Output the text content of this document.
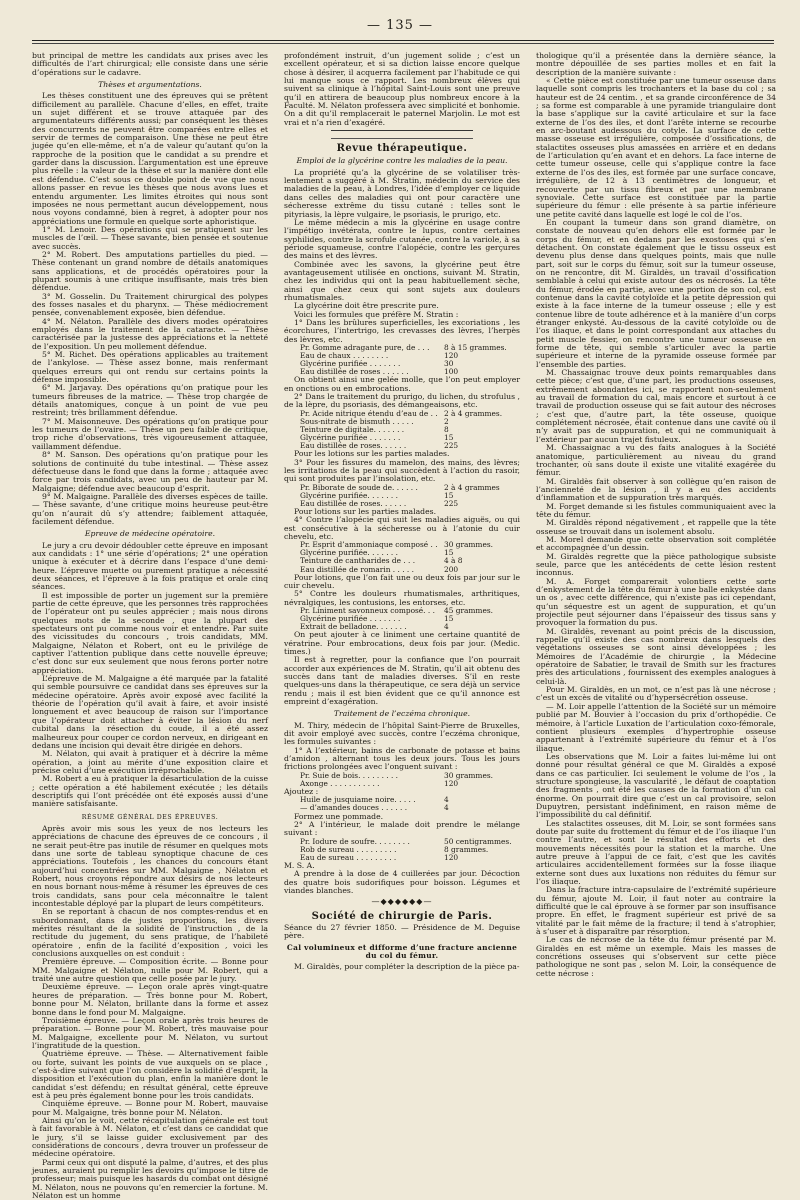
— 135 —

but principal de mettre les candidats aux prises avec les difficultés de l’art chirurgical; elle consiste dans une série d’opérations sur le cadavre.

Thèses et argumentations.

Les thèses constituent une des épreuves qui se prêtent difficilement au parallèle. Chacune d’elles, en effet, traite un sujet différent et se trouve attaquée par des argumentateurs différents aussi; par conséquent les thèses des concurrents ne peuvent être comparées entre elles et servir de termes de comparaison. Une thèse ne peut être jugée qu’en elle-même, et n’a de valeur qu’autant qu’on la rapproche de la position que le candidat a su prendre et garder dans la discussion. L’argumentation est une épreuve plus réelle : la valeur de la thèse et sur la manière dont elle est défendue. C’est sous ce double point de vue que nous allons passer en revue les thèses que nous avons lues et entendu argumenter. Les limites étroites qui nous sont imposées ne nous permettant aucun développement, nous nous voyons condamné, bien à regret, à adopter pour nos appréciations une formule en quelque sorte aphoristique.

1° M. Lenoir. Des opérations qui se pratiquent sur les muscles de l’œil. — Thèse savante, bien pensée et soutenue avec succès.

2° M. Robert. Des amputations partielles du pied. — Thèse contenant un grand nombre de détails anatomiques sans applications, et de procédés opératoires pour la plupart soumis à une critique insuffisante, mais très bien défendue.

3° M. Gosselin. Du Traitement chirurgical des polypes des fosses nasales et du pharynx. — Thèse médiocrement pensée, convenablement exposée, bien défendue.

4° M. Nélaton. Parallèle des divers modes opératoires employés dans le traitement de la cataracte. — Thèse caractérisée par la justesse des appréciations et la netteté de l’exposition. Un peu mollement défendue.

5° M. Richet. Des opérations applicables au traitement de l’ankylose. — Thèse assez bonne, mais renfermant quelques erreurs qui ont rendu sur certains points la défense impossible.

6° M. Jarjavay. Des opérations qu’on pratique pour les tumeurs fibreuses de la matrice. — Thèse trop chargée de détails anatomiques, conçue à un point de vue peu restreint; très brillamment défendue.

7° M. Maisonneuve. Des opérations qu’on pratique pour les tumeurs de l’ovaire. — Thèse un peu faible de critique, trop riche d’observations, très vigoureusement attaquée, vaillamment défendue.

8° M. Sanson. Des opérations qu’on pratique pour les solutions de continuité du tube intestinal. — Thèse assez défectueuse dans le fond que dans la forme ; attaquée avec force par trois candidats, avec un peu de hauteur par M. Malgaigne; défendue avec beaucoup d’esprit.

9° M. Malgaigne. Parallèle des diverses espèces de taille. — Thèse savante, d’une critique moins heureuse peut-être qu’on n’aurait dû s’y attendre; faiblement attaquée, facilement défendue.

Epreuve de médecine opératoire.

Le jury a cru devoir dédoubler cette épreuve en imposant aux candidats : 1° une série d’opérations; 2° une opération unique à exécuter et à décrire dans l’espace d’une demi-heure. L’épreuve muette ou purement pratique a nécessité deux séances, et l’épreuve à la fois pratique et orale cinq séances.

Il est impossible de porter un jugement sur la première partie de cette épreuve, que les personnes très rapprochées de l’opérateur ont pu seules apprécier ; mais nous dirons quelques mots de la seconde , que la plupart des spectateurs ont pu comme nous voir et entendre. Par suite des vicissitudes du concours , trois candidats, MM. Malgaigne, Nélaton et Robert, ont eu le privilége de captiver l’attention publique dans cette nouvelle épreuve; c’est donc sur eux seulement que nous ferons porter notre appréciation.

L’épreuve de M. Malgaigne a été marquée par la fatalité qui semble poursuivre ce candidat dans ses épreuves sur la médecine opératoire. Après avoir exposé avec facilité la théorie de l’opération qu’il avait à faire, et avoir insisté longuement et avec beaucoup de raison sur l’importance que l’opérateur doit attacher à éviter la lésion du nerf cubital dans la résection du coude, il a été assez malheureux pour couper ce cordon nerveux, en dirigeant en dedans une incision qui devait être dirigée en dehors.

M. Nélaton, qui avait à pratiquer et à décrire la même opération, a joint au mérite d’une exposition claire et précise celui d’une exécution irréprochable.

M. Robert a eu à pratiquer la désarticulation de la cuisse ; cette opération a été habilement exécutée ; les détails descriptifs qui l’ont précédée ont été exposés aussi d’une manière satisfaisante.

RÉSUMÉ GÉNÉRAL DES ÉPREUVES.

Après avoir mis sous les yeux de nos lecteurs les appréciations de chacune des épreuves de ce concours , il ne serait peut-être pas inutile de résumer en quelques mots dans une sorte de tableau synoptique chacune de ces appréciations. Toutefois , les chances du concours étant aujourd’hui concentrées sur MM. Malgaigne , Nélaton et Robert, nous croyons répondre aux désirs de nos lecteurs en nous bornant nous-même à résumer les épreuves de ces trois candidats, sans pour cela méconnaître le talent incontestable déployé par la plupart de leurs compétiteurs.

En se reportant à chacun de nos comptes-rendus et en subordonnant, dans de justes proportions, les divers mérites résultant de la solidité de l’instruction , de la rectitude du jugement, du sens pratique, de l’habileté opératoire , enfin de la facilité d’exposition , voici les conclusions auxquelles on est conduit :

Première épreuve. — Composition écrite. — Bonne pour MM. Malgaigne et Nélaton, nulle pour M. Robert, qui a traité une autre question que celle posée par le jury.

Deuxième épreuve. — Leçon orale après vingt-quatre heures de préparation. — Très bonne pour M. Robert, bonne pour M. Nélaton, brillante dans la forme et assez bonne dans le fond pour M. Malgaigne.

Troisième épreuve. — Leçon orale après trois heures de préparation. — Bonne pour M. Robert, très mauvaise pour M. Malgaigne, excellente pour M. Nélaton, vu surtout l’ingratitude de la question.

Quatrième épreuve. — Thèse. — Alternativement faible ou forte, suivant les points de vue auxquels on se place , c’est-à-dire suivant que l’on considère la solidité d’esprit, la disposition et l’exécution du plan, enfin la manière dont le candidat s’est défendu; en résultat général, cette épreuve est à peu près également bonne pour les trois candidats.

Cinquième épreuve. — Bonne pour M. Robert, mauvaise pour M. Malgaigne, très bonne pour M. Nélaton.

Ainsi qu’on le voit, cette récapitulation générale est tout à fait favorable à M. Nélaton, et c’est dans ce candidat que le jury, s’il se laisse guider exclusivement par des considérations de concours , devra trouver un professeur de médecine opératoire.

Parmi ceux qui ont disputé la palme, d’autres, et des plus jeunes, auraient pu remplir les devoirs qu’impose le titre de professeur; mais puisque les hasards du combat ont désigné M. Nélaton, nous ne pouvons qu’en remercier la fortune. M. Nélaton est un homme

profondément instruit, d’un jugement solide ; c’est un excellent opérateur, et si sa diction laisse encore quelque chose à désirer, il acquerra facilement par l’habitude ce qui lui manque sous ce rapport. Les nombreux élèves qui suivent sa clinique à l’hôpital Saint-Louis sont une preuve qu’il en attirera de beaucoup plus nombreux encore à la Faculté. M. Nélaton professera avec simplicité et bonhomie. On a dit qu’il remplacerait le paternel Marjolin. Le mot est vrai et n’a rien d’exagéré.

Revue thérapeutique.
Emploi de la glycérine contre les maladies de la peau.

La propriété qu’a la glycérine de se volatiliser très-lentement a suggéré à M. Stratin, médecin du service des maladies de la peau, à Londres, l’idée d’employer ce liquide dans celles des maladies qui ont pour caractère une sécheresse extrême du tissu cutané : telles sont le pityriasis, la lèpre vulgaire, le psoriasis, le prurigo, etc.

Le même médecin a mis la glycérine en usage contre l’impétigo invétérata, contre le lupus, contre certaines syphilides, contre la scrofule cutanée, contre la variole, à sa période squameuse, contre l’alopécie, contre les gerçures des mains et des lèvres.

Combinée avec les savons, la glycérine peut être avantageusement utilisée en onctions, suivant M. Stratin, chez les individus qui ont la peau habituellement sèche, ainsi que chez ceux qui sont sujets aux douleurs rhumatismales.

La glycérine doit être prescrite pure.

Voici les formules que préfère M. Stratin :

1° Dans les brûlures superficielles, les excoriations , les écorchures, l’intertrigo, les crevasses des lèvres, l’herpès des lèvres, etc.

Pr. Gomme adragante pure, de . . .	8 à 15 grammes.
Eau de chaux . . . . . . . .	120
Glycérine purifiée . . . . . . .	30
Eau distillée de roses . . . . . .	100

On obtient ainsi une gelée molle, que l’on peut employer en onctions ou en embrocations.

2° Dans le traitement du prurigo, du lichen, du strofulus , de la lèpre, du psoriasis, des démangeaisons, etc.

Pr. Acide nitrique étendu d’eau de . . 2 à 4 grammes.
Sous-nitrate de bismuth . . . . .	2
Teinture de digitale. . . . . . .	8
Glycérine purifiée . . . . . . .	15
Eau distillée de roses. . . . . .	225

Pour les lotions sur les parties malades.

3° Pour les fissures du mamelon, des mains, des lèvres; les irritations de la peau qui succèdent à l’action du rasoir, qui sont produites par l’insolation, etc.

Pr. Biborate de soude de. . . . . .	2 à 4 grammes
Glycérine purifiée. . . . . . .	15
Eau distillée de roses. . . . . .	225

Pour lotions sur les parties malades.

4° Contre l’alopécie qui suit les maladies aiguës, ou qui est consécutive à la sécheresse ou à l’atonie du cuir chevelu, etc.

Pr. Esprit d’ammoniaque composé . . 30 grammes.
Glycérine purifiée. . . . . . .	15
Teinture de cantharides de . . .	4 à 8
Eau distillée de romarin . . . . .	200

Pour lotions, que l’on fait une ou deux fois par jour sur le cuir chevelu.

5° Contre les douleurs rhumatismales, arthritiques, névralgiques, les contusions, les entorses, etc.

Pr. Liniment savonneux composé. . .	45 grammes.
Glycérine purifiée . . . . . . .	15
Extrait de belladone. . . . . . .	4

On peut ajouter à ce liniment une certaine quantité de vératrine. Pour embrocations, deux fois par jour. (Medic. times.)

Il est à regretter, pour la confiance que l’on pourrait accorder aux expériences de M. Stratin, qu’il ait obtenu des succès dans tant de maladies diverses. S’il en reste quelques-uns dans la thérapeutique, ce sera déjà un service rendu ; mais il est bien évident que ce qu’il annonce est empreint d’exagération.

Traitement de l’eczéma chronique.

M. Thiry, médecin de l’hôpital Saint-Pierre de Bruxelles, dit avoir employé avec succès, contre l’eczéma chronique, les formules suivantes :

1° A l’extérieur, bains de carbonate de potasse et bains d’amidon , alternant tous les deux jours. Tous les jours frictions prolongées avec l’onguent suivant :

Pr. Suie de bois. . . . . . . . .	30 grammes.
Axonge . . . . . . . . . . .	120

Ajoutez :

Huile de jusquiame noire. . . . .	4
— d’amandes douces . . . . . .	4

Formez une pommade.

2° A l’intérieur, le malade doit prendre le mélange suivant :

Pr. Iodure de soufre. . . . . . . .	50 centigrammes.
Rob de sureau . . . . . . . . .	8 grammes.
Eau de sureau . . . . . . . . .	120

M. S. A.

A prendre à la dose de 4 cuillerées par jour. Décoction des quatre bois sudorifiques pour boisson. Légumes et viandes blanches.

—◆◆◆◆◆◆—
Société de chirurgie de Paris.

Séance du 27 février 1850. — Présidence de M. Deguise père.

Cal volumineux et difforme d’une fracture ancienne du col du fémur.

M. Giraldès, pour compléter la description de la pièce pa-

thologique qu’il a présentée dans la dernière séance, la montre dépouillée de ses parties molles et en fait la description de la manière suivante :

« Cette pièce est constituée par une tumeur osseuse dans laquelle sont compris les trochanters et la base du col ; sa hauteur est de 24 centim. , et sa grande circonférence de 34 ; sa forme est comparable à une pyramide triangulaire dont la base s’applique sur la cavité articulaire et sur la face externe de l’os des iles, et dont l’arête interne se recourbe en arc-boutant audessous du cotyle. La surface de cette masse osseuse est irrégulière, composée d’ossifications, de stalactites osseuses plus amassées en arrière et en dedans de l’articulation qu’en avant et en dehors. La face interne de cette tumeur osseuse, celle qui s’applique contre la face externe de l’os des iles, est formée par une surface concave, irrégulière, de 12 à 13 centimètres de longueur, et recouverte par un tissu fibreux et par une membrane synoviale. Cette surface est constituée par la partie supérieure du fémur : elle présente à sa partie inférieure une petite cavité dans laquelle est logé le col de l’os.

En coupant la tumeur dans son grand diamètre, on constate de nouveau qu’en dehors elle est formée par le corps du fémur, et en dedans par les exostoses qui s’en détachent. On constate également que le tissu osseux est devenu plus dense dans quelques points, mais que nulle part, soit sur le corps du fémur, soit sur la tumeur osseuse, on ne rencontre, dit M. Giraldès, un travail d’ossification semblable à celui qui existe autour des os nécrosés. La tête du fémur, érodée en partie, avec une portion de son col, est contenue dans la cavité cotyloïde et la petite dépression qui existe à la face interne de la tumeur osseuse ; elle y est contenue libre de toute adhérence et à la manière d’un corps étranger enkysté. Au-dessous de la cavité cotyloïde ou de l’os iliaque, et dans le point correspondant aux attaches du petit muscle fessier, on rencontre une tumeur osseuse en forme de tête, qui semble s’articuler avec la partie supérieure et interne de la pyramide osseuse formée par l’ensemble des parties.

M. Chassaignac trouve deux points remarquables dans cette pièce; c’est que, d’une part, les productions osseuses, extrêmement abondantes ici, se rapportent non-seulement au travail de formation du cal, mais encore et surtout à ce travail de production osseuse qui se fait autour des nécroses ; c’est que, d’autre part, la tête osseuse, quoique complétement nécrosée, était contenue dans une cavité où il n’y avait pas de suppuration, et qui ne communiquait à l’extérieur par aucun trajet fistuleux.

M. Chassaignac a vu des faits analogues à la Société anatomique, particulièrement au niveau du grand trochanter, où sans doute il existe une vitalité exagérée du fémur.

M. Giraldès fait observer à son collègue qu’en raison de l’ancienneté de la lésion , il y a eu des accidents d’inflammation et de suppuration très marqués.

M. Forget demande si les fistules communiquaient avec la tête du fémur.

M. Giraldès répond négativement , et rappelle que la tête osseuse se trouvait dans un isolement absolu.

M. Morel demande que cette observation soit complétée et accompagnée d’un dessin.

M. Giraldès regrette que la pièce pathologique subsiste seule, parce que les antécédents de cette lésion restent inconnus.

M. A. Forget comparerait volontiers cette sorte d’enkystement de la tête du fémur à une balle enkystée dans un os , avec cette différence, qui n’existe pas ici cependant, qu’un séquestre est un agent de suppuration, et qu’un projectile peut séjourner dans l’épaisseur des tissus sans y provoquer la formation du pus.

M. Giraldès, revenant au point précis de la discussion, rappelle qu’il existe des cas nombreux dans lesquels des végétations osseuses se sont ainsi développées ; les Mémoires de l’Académie de chirurgie , la Médecine opératoire de Sabatier, le travail de Smith sur les fractures près des articulations , fournissent des exemples analogues à celui-là.

Pour M. Giraldès, en un mot, ce n’est pas là une nécrose ; c’est un excès de vitalité ou d’hypersécrétion osseuse.

— M. Loir appelle l’attention de la Société sur un mémoire publié par M. Bouvier à l’occasion du prix d’orthopédie. Ce mémoire, à l’article Luxation de l’articulation coxo-fémorale, contient plusieurs exemples d’hypertrophie osseuse appartenant à l’extrémité supérieure du fémur et à l’os iliaque.

Les observations que M. Loir a faites lui-même lui ont donné pour résultat général ce que M. Giraldès a exposé dans ce cas particulier. Ici seulement le volume de l’os , la structure spongieuse, la vascularité , le défaut de coaptation des fragments , ont été les causes de la formation d’un cal énorme. On pourrait dire que c’est un cal provisoire, selon Dupuytren, persistant indéfiniment, en raison même de l’impossibilité du cal définitif.

Les stalactites osseuses, dit M. Loir, se sont formées sans doute par suite du frottement du fémur et de l’os iliaque l’un contre l’autre, et sont le résultat des efforts et des mouvements nécessités pour la station et la marche. Une autre preuve à l’appui de ce fait, c’est que les cavités articulaires accidentellement formées sur la fosse iliaque externe sont dues aux luxations non réduites du fémur sur l’os iliaque.

Dans la fracture intra-capsulaire de l’extrémité supérieure du fémur, ajoute M. Loir, il faut noter au contraire la difficulté que le cal éprouve à se former par son insuffisance propre. En effet, le fragment supérieur est privé de sa vitalité par le fait même de la fracture; il tend à s’atrophier, à s’user et à disparaître par résorption.

Le cas de nécrose de la tête du fémur présenté par M. Giraldès en est même un exemple. Mais les masses de concrétions osseuses qui s’observent sur cette pièce pathologique ne sont pas , selon M. Loir, la conséquence de cette nécrose :
